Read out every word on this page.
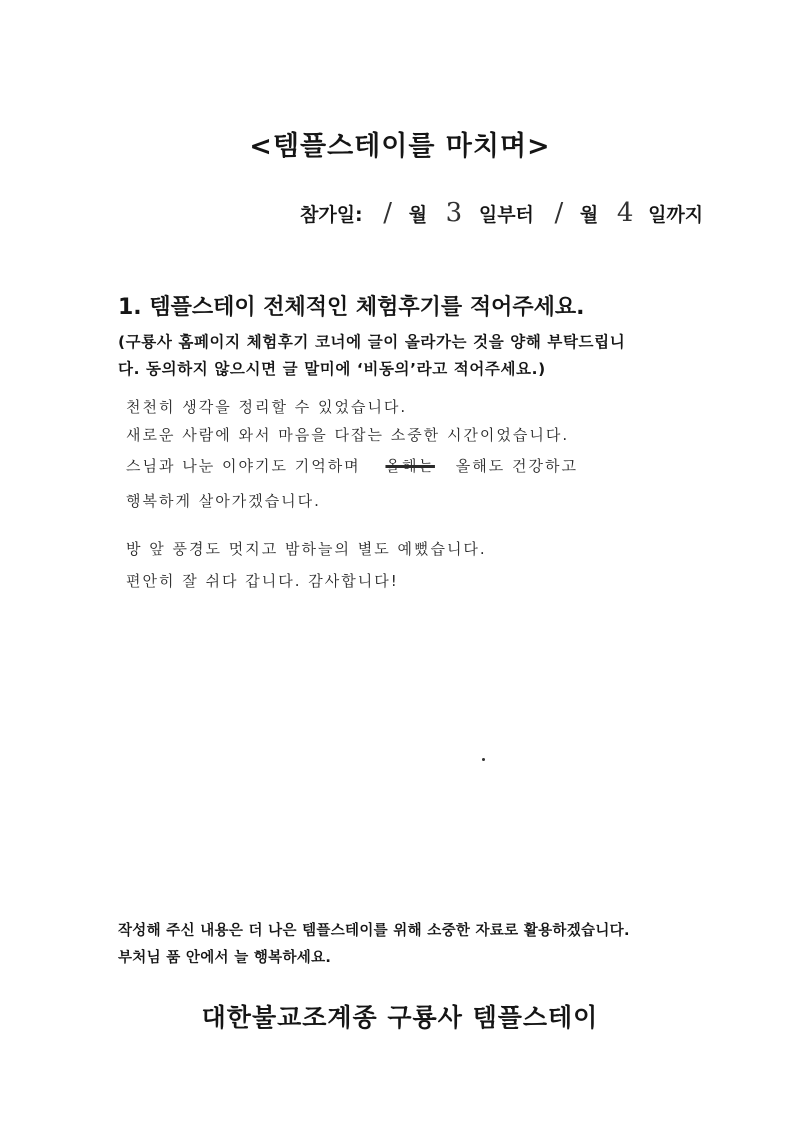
<템플스테이를 마치며>
참가일: / 월 3 일부터 / 월 4 일까지
1. 템플스테이 전체적인 체험후기를 적어주세요.
(구룡사 홈페이지 체험후기 코너에 글이 올라가는 것을 양해 부탁드립니
다. 동의하지 않으시면 글 말미에 ‘비동의’라고 적어주세요.)
천천히 생각을 정리할 수 있었습니다.
새로운 사람에 와서 마음을 다잡는 소중한 시간이었습니다.
스님과 나눈 이야기도 기억하며 올해는 올해도 건강하고
행복하게 살아가겠습니다.
방 앞 풍경도 멋지고 밤하늘의 별도 예뻤습니다.
편안히 잘 쉬다 갑니다. 감사합니다!
작성해 주신 내용은 더 나은 템플스테이를 위해 소중한 자료로 활용하겠습니다.
부처님 품 안에서 늘 행복하세요.
대한불교조계종 구룡사 템플스테이
